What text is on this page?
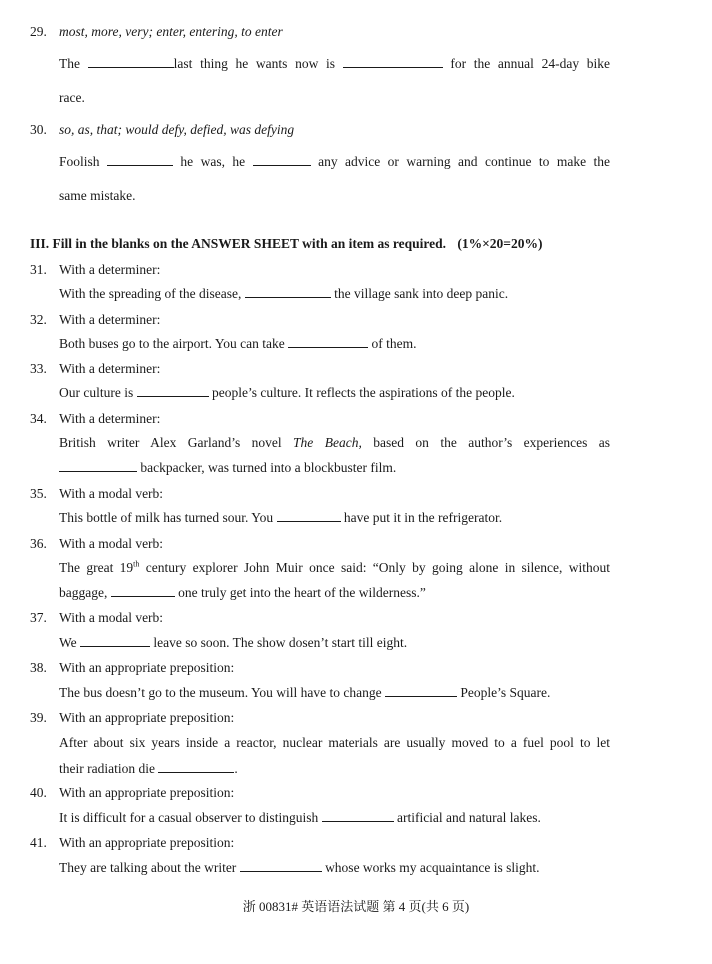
29. most, more, very; enter, entering, to enter
The	last thing he wants now is	for the annual 24-day bike
race.
30. so, as, that; would defy, defied, was defying
Foolish	he was, he	any advice or warning and continue to make the
same mistake.
III. Fill in the blanks on the ANSWER SHEET with an item as required. (1%×20=20%)
31. With a determiner:
With the spreading of the disease,	the village sank into deep panic.
32. With a determiner:
Both buses go to the airport. You can take	of them.
33. With a determiner:
Our culture is	people’s culture. It reflects the aspirations of the people.
34. With a determiner:
British writer Alex Garland’s novel The Beach, based on the author’s experiences as
backpacker, was turned into a blockbuster film.
35. With a modal verb:
This bottle of milk has turned sour. You	have put it in the refrigerator.
36. With a modal verb:
The great 19th century explorer John Muir once said: “Only by going alone in silence, without
baggage,	one truly get into the heart of the wilderness.”
37. With a modal verb:
We	leave so soon. The show dosen’t start till eight.
38. With an appropriate preposition:
The bus doesn’t go to the museum. You will have to change	People’s Square.
39. With an appropriate preposition:
After about six years inside a reactor, nuclear materials are usually moved to a fuel pool to let
their radiation die	.
40. With an appropriate preposition:
It is difficult for a casual observer to distinguish	artificial and natural lakes.
41. With an appropriate preposition:
They are talking about the writer	whose works my acquaintance is slight.
浙 00831# 英语语法试题 第 4 页(共 6 页)
